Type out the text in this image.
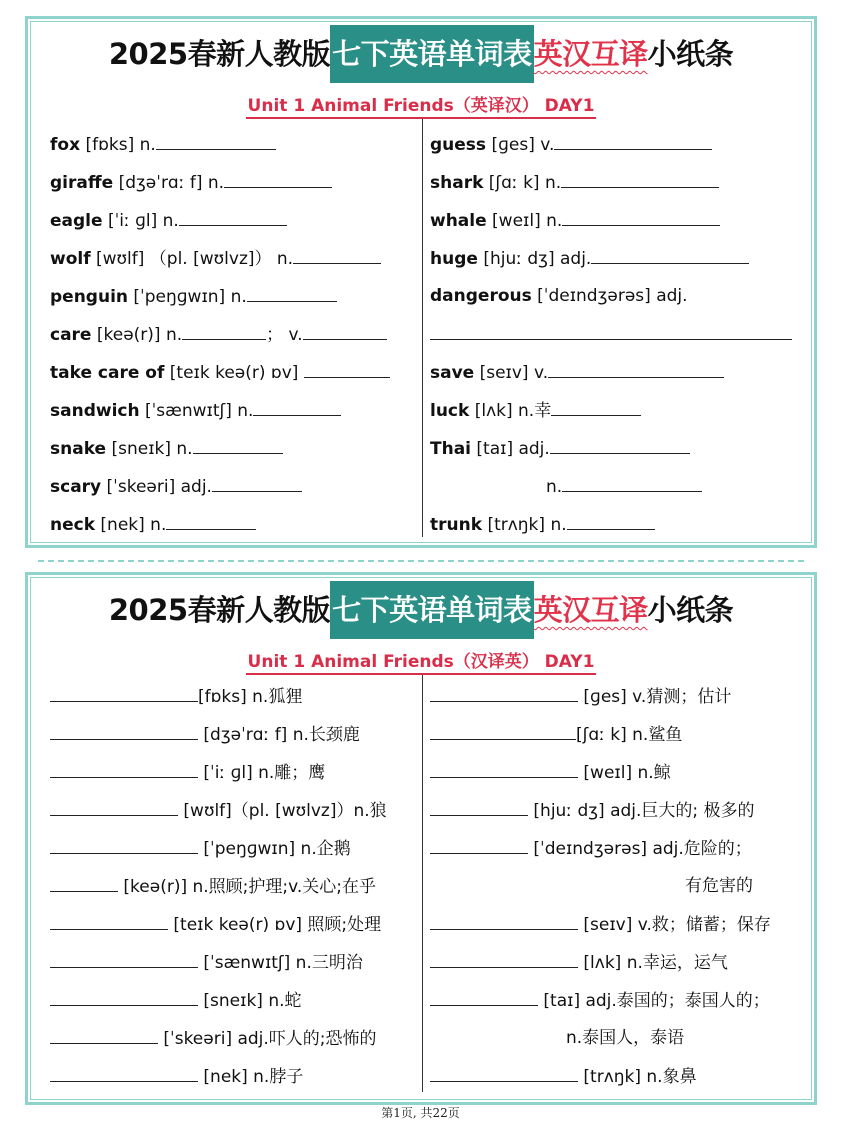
2025春新人教版七下英语单词表英汉互译小纸条
Unit 1 Animal Friends（英译汉） DAY1
fox [fɒks] n.
giraffe [dʒəˈrɑː f] n.
eagle [ˈiː ɡl] n.
wolf [wʊlf] （pl. [wʊlvz]） n.
penguin [ˈpeŋɡwɪn] n.
care [keə(r)] n.	； v.
take care of [teɪk keə(r) ɒv]
sandwich [ˈsænwɪtʃ] n.
snake [sneɪk] n.
scary [ˈskeəri] adj.
neck [nek] n.
guess [ɡes] v.
shark [ʃɑː k] n.
whale [weɪl] n.
huge [hjuː dʒ] adj.
dangerous [ˈdeɪndʒərəs] adj.
save [seɪv] v.
luck [lʌk] n.幸
Thai [taɪ] adj.
n.
trunk [trʌŋk] n.
2025春新人教版七下英语单词表英汉互译小纸条
Unit 1 Animal Friends（汉译英） DAY1
[fɒks] n.狐狸
[dʒəˈrɑː f] n.长颈鹿
[ˈiː ɡl] n.雕；鹰
[wʊlf]（pl. [wʊlvz]）n.狼
[ˈpeŋɡwɪn] n.企鹅
[keə(r)] n.照顾;护理;v.关心;在乎
[teɪk keə(r) ɒv] 照顾;处理
[ˈsænwɪtʃ] n.三明治
[sneɪk] n.蛇
[ˈskeəri] adj.吓人的;恐怖的
[nek] n.脖子
[ɡes] v.猜测；估计
[ʃɑː k] n.鲨鱼
[weɪl] n.鲸
[hjuː dʒ] adj.巨大的; 极多的
[ˈdeɪndʒərəs] adj.危险的；
有危害的
[seɪv] v.救；储蓄；保存
[lʌk] n.幸运，运气
[taɪ] adj.泰国的；泰国人的；
n.泰国人，泰语
[trʌŋk] n.象鼻
第1页, 共22页
